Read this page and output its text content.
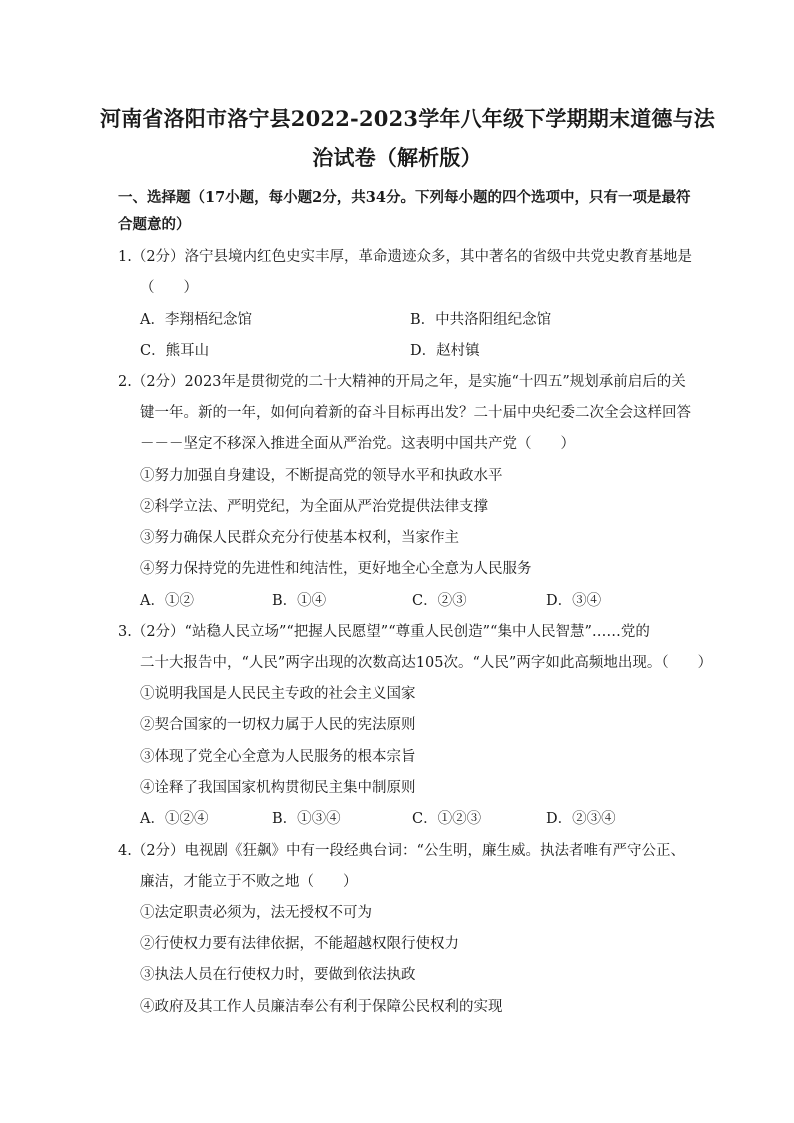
河南省洛阳市洛宁县2022-2023学年八年级下学期期末道德与法
治试卷（解析版）
一、选择题（17小题，每小题2分，共34分。下列每小题的四个选项中，只有一项是最符
合题意的）
1.（2分）洛宁县境内红色史实丰厚，革命遗迹众多，其中著名的省级中共党史教育基地是
（　　）
A．李翔梧纪念馆	B．中共洛阳组纪念馆
C．熊耳山	D．赵村镇
2.（2分）2023年是贯彻党的二十大精神的开局之年，是实施“十四五”规划承前启后的关
键一年。新的一年，如何向着新的奋斗目标再出发？二十届中央纪委二次全会这样回答
－－－坚定不移深入推进全面从严治党。这表明中国共产党（　　）
①努力加强自身建设，不断提高党的领导水平和执政水平
②科学立法、严明党纪，为全面从严治党提供法律支撑
③努力确保人民群众充分行使基本权利，当家作主
④努力保持党的先进性和纯洁性，更好地全心全意为人民服务
A．①②	B．①④	C．②③	D．③④
3.（2分）“站稳人民立场”“把握人民愿望”“尊重人民创造”“集中人民智慧”……党的
二十大报告中，“人民”两字出现的次数高达105次。“人民”两字如此高频地出现。（　　）
①说明我国是人民民主专政的社会主义国家
②契合国家的一切权力属于人民的宪法原则
③体现了党全心全意为人民服务的根本宗旨
④诠释了我国国家机构贯彻民主集中制原则
A．①②④	B．①③④	C．①②③	D．②③④
4.（2分）电视剧《狂飙》中有一段经典台词：“公生明，廉生威。执法者唯有严守公正、
廉洁，才能立于不败之地（　　）
①法定职责必须为，法无授权不可为
②行使权力要有法律依据，不能超越权限行使权力
③执法人员在行使权力时，要做到依法执政
④政府及其工作人员廉洁奉公有利于保障公民权利的实现
